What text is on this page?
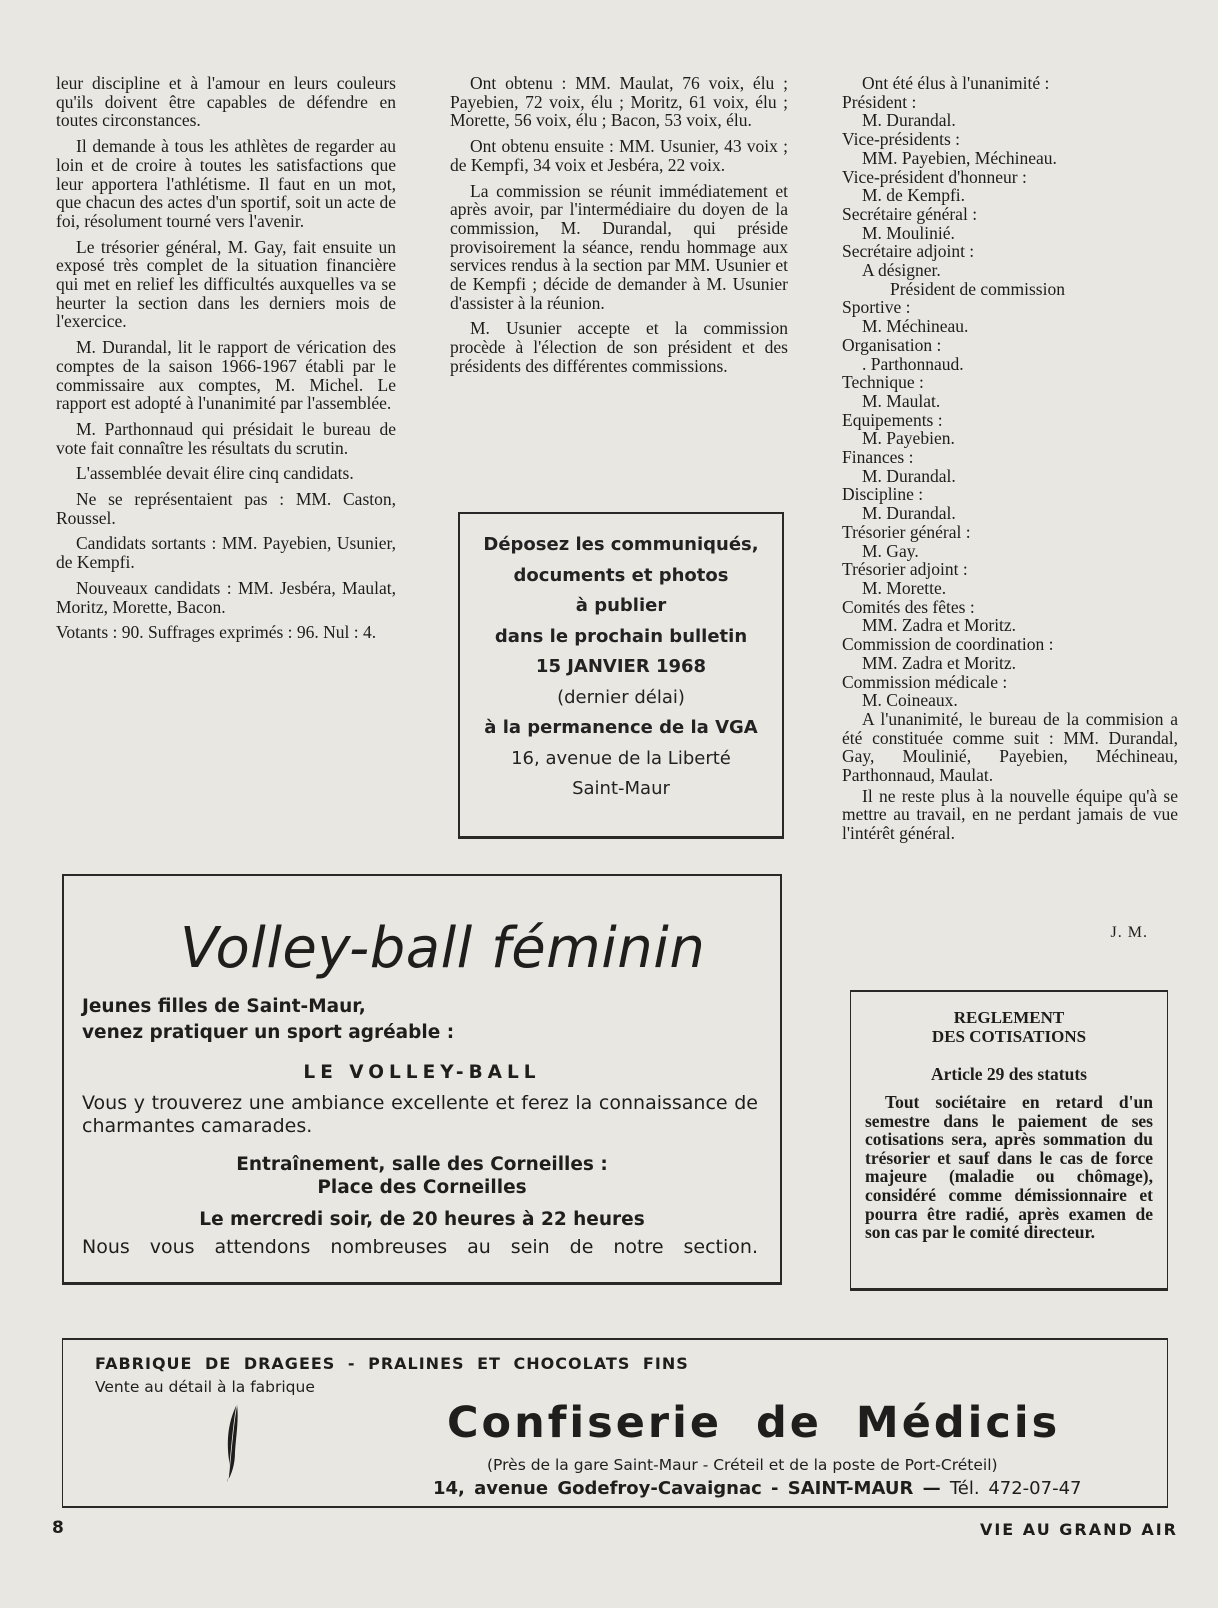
leur discipline et à l'amour en leurs couleurs qu'ils doivent être capables de défendre en toutes circonstances.

Il demande à tous les athlètes de regarder au loin et de croire à toutes les satisfactions que leur apportera l'athlétisme. Il faut en un mot, que chacun des actes d'un sportif, soit un acte de foi, résolument tourné vers l'avenir.

Le trésorier général, M. Gay, fait ensuite un exposé très complet de la situation financière qui met en relief les difficultés auxquelles va se heurter la section dans les derniers mois de l'exercice.

M. Durandal, lit le rapport de vérication des comptes de la saison 1966-1967 établi par le commissaire aux comptes, M. Michel. Le rapport est adopté à l'unanimité par l'assemblée.

M. Parthonnaud qui présidait le bureau de vote fait connaître les résultats du scrutin.

L'assemblée devait élire cinq candidats.

Ne se représentaient pas : MM. Caston, Roussel.

Candidats sortants : MM. Payebien, Usunier, de Kempfi.

Nouveaux candidats : MM. Jesbéra, Maulat, Moritz, Morette, Bacon.

Votants : 90. Suffrages exprimés : 96. Nul : 4.

Ont obtenu : MM. Maulat, 76 voix, élu ; Payebien, 72 voix, élu ; Moritz, 61 voix, élu ; Morette, 56 voix, élu ; Bacon, 53 voix, élu.

Ont obtenu ensuite : MM. Usunier, 43 voix ; de Kempfi, 34 voix et Jesbéra, 22 voix.

La commission se réunit immédiatement et après avoir, par l'intermédiaire du doyen de la commission, M. Durandal, qui préside provisoirement la séance, rendu hommage aux services rendus à la section par MM. Usunier et de Kempfi ; décide de demander à M. Usunier d'assister à la réunion.

M. Usunier accepte et la commission procède à l'élection de son président et des présidents des différentes commissions.

Ont été élus à l'unanimité :
Président :
M. Durandal.
Vice-présidents :
MM. Payebien, Méchineau.
Vice-président d'honneur :
M. de Kempfi.
Secrétaire général :
M. Moulinié.
Secrétaire adjoint :
A désigner.
Président de commission
Sportive :
M. Méchineau.
Organisation :
. Parthonnaud.
Technique :
M. Maulat.
Equipements :
M. Payebien.
Finances :
M. Durandal.
Discipline :
M. Durandal.
Trésorier général :
M. Gay.
Trésorier adjoint :
M. Morette.
Comités des fêtes :
MM. Zadra et Moritz.
Commission de coordination :
MM. Zadra et Moritz.
Commission médicale :
M. Coineaux.

A l'unanimité, le bureau de la commision a été constituée comme suit : MM. Durandal, Gay, Moulinié, Payebien, Méchineau, Parthonnaud, Maulat.

Il ne reste plus à la nouvelle équipe qu'à se mettre au travail, en ne perdant jamais de vue l'intérêt général.

J. M.
Déposez les communiqués,
documents et photos
à publier
dans le prochain bulletin
15 JANVIER 1968
(dernier délai)
à la permanence de la VGA
16, avenue de la Liberté
Saint-Maur
Volley-ball féminin
Jeunes filles de Saint-Maur,
venez pratiquer un sport agréable :
LE VOLLEY-BALL
Vous y trouverez une ambiance excellente et ferez la connaissance de charmantes camarades.
Entraînement, salle des Corneilles :
Place des Corneilles
Le mercredi soir, de 20 heures à 22 heures
Nous vous attendons nombreuses au sein de notre section.
REGLEMENT
DES COTISATIONS
Article 29 des statuts
Tout sociétaire en retard d'un semestre dans le paiement de ses cotisations sera, après sommation du trésorier et sauf dans le cas de force majeure (maladie ou chômage), considéré comme démissionnaire et pourra être radié, après examen de son cas par le comité directeur.
FABRIQUE DE DRAGEES - PRALINES ET CHOCOLATS FINS
Vente au détail à la fabrique
Confiserie de Médicis
(Près de la gare Saint-Maur - Créteil et de la poste de Port-Créteil)
14, avenue Godefroy-Cavaignac - SAINT-MAUR — Tél. 472-07-47
8	VIE AU GRAND AIR
